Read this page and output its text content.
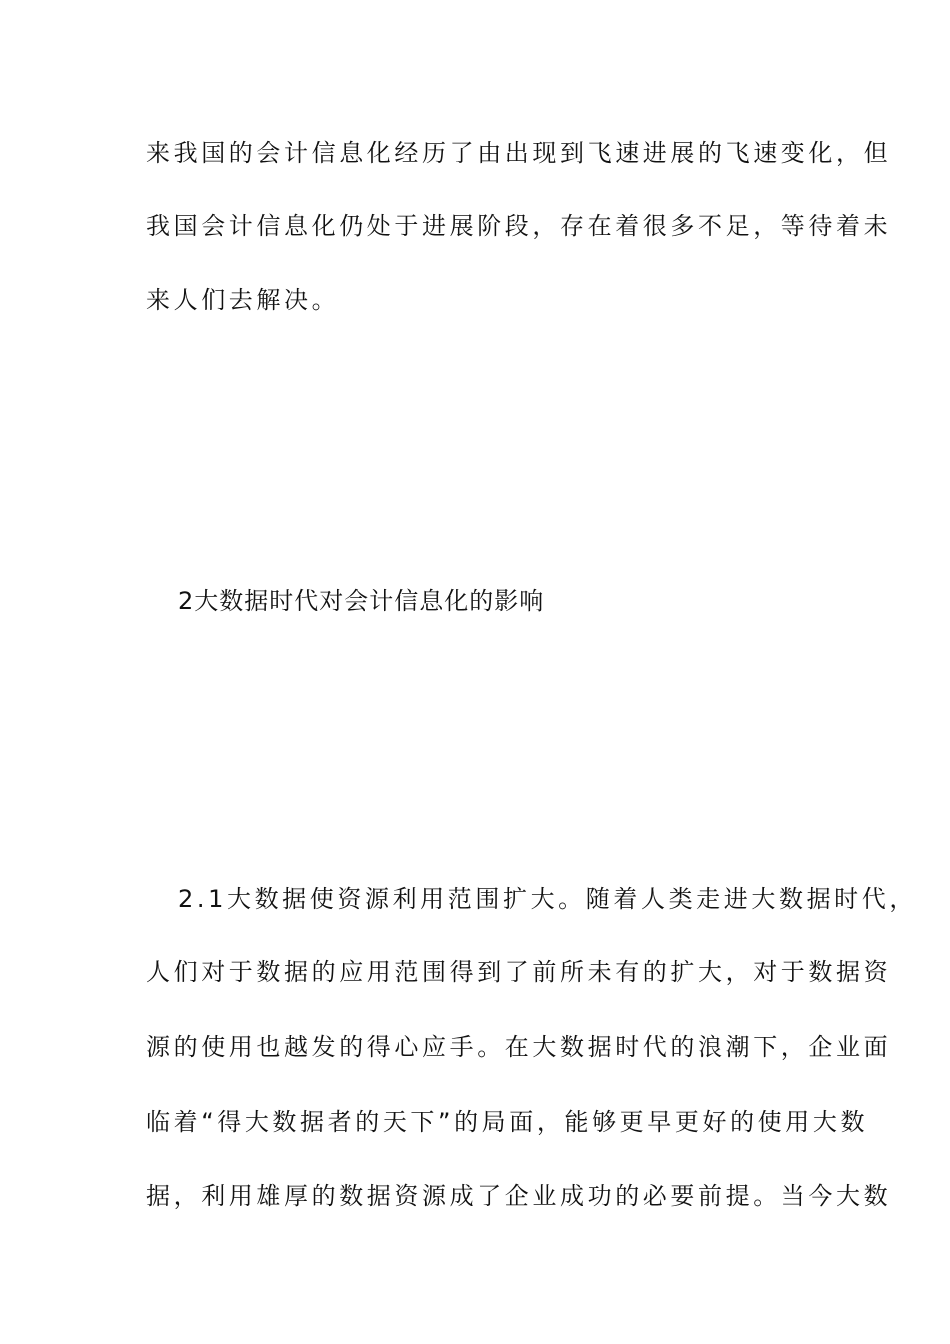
来我国的会计信息化经历了由出现到飞速进展的飞速变化，但
我国会计信息化仍处于进展阶段，存在着很多不足，等待着未
来人们去解决。
2大数据时代对会计信息化的影响
2.1大数据使资源利用范围扩大。随着人类走进大数据时代，
人们对于数据的应用范围得到了前所未有的扩大，对于数据资
源的使用也越发的得心应手。在大数据时代的浪潮下，企业面
临着“得大数据者的天下”的局面，能够更早更好的使用大数
据，利用雄厚的数据资源成了企业成功的必要前提。当今大数
